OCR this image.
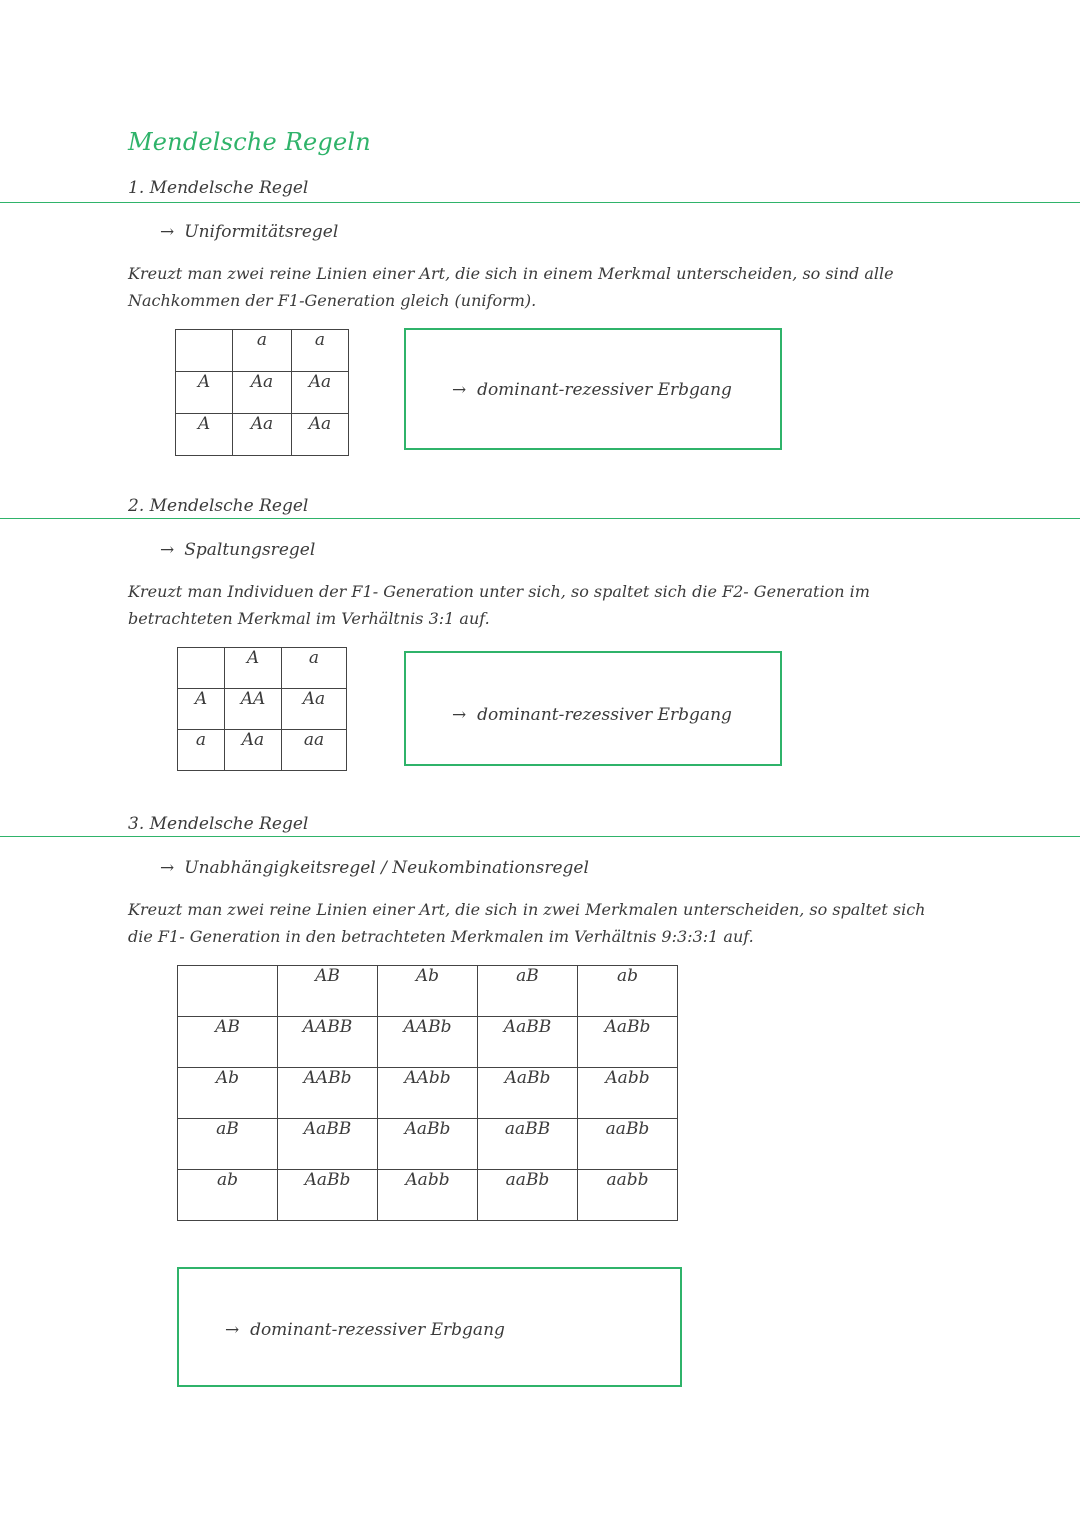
Mendelsche Regeln
1. Mendelsche Regel
→ Uniformitätsregel
Kreuzt man zwei reine Linien einer Art, die sich in einem Merkmal unterscheiden, so sind alle
Nachkommen der F1-Generation gleich (uniform).
	a	a
A	Aa	Aa
A	Aa	Aa
→ dominant-rezessiver Erbgang
2. Mendelsche Regel
→ Spaltungsregel
Kreuzt man Individuen der F1- Generation unter sich, so spaltet sich die F2- Generation im
betrachteten Merkmal im Verhältnis 3:1 auf.
	A	a
A	AA	Aa
a	Aa	aa
→ dominant-rezessiver Erbgang
3. Mendelsche Regel
→ Unabhängigkeitsregel / Neukombinationsregel
Kreuzt man zwei reine Linien einer Art, die sich in zwei Merkmalen unterscheiden, so spaltet sich
die F1- Generation in den betrachteten Merkmalen im Verhältnis 9:3:3:1 auf.
	AB	Ab	aB	ab
AB	AABB	AABb	AaBB	AaBb
Ab	AABb	AAbb	AaBb	Aabb
aB	AaBB	AaBb	aaBB	aaBb
ab	AaBb	Aabb	aaBb	aabb
→ dominant-rezessiver Erbgang
